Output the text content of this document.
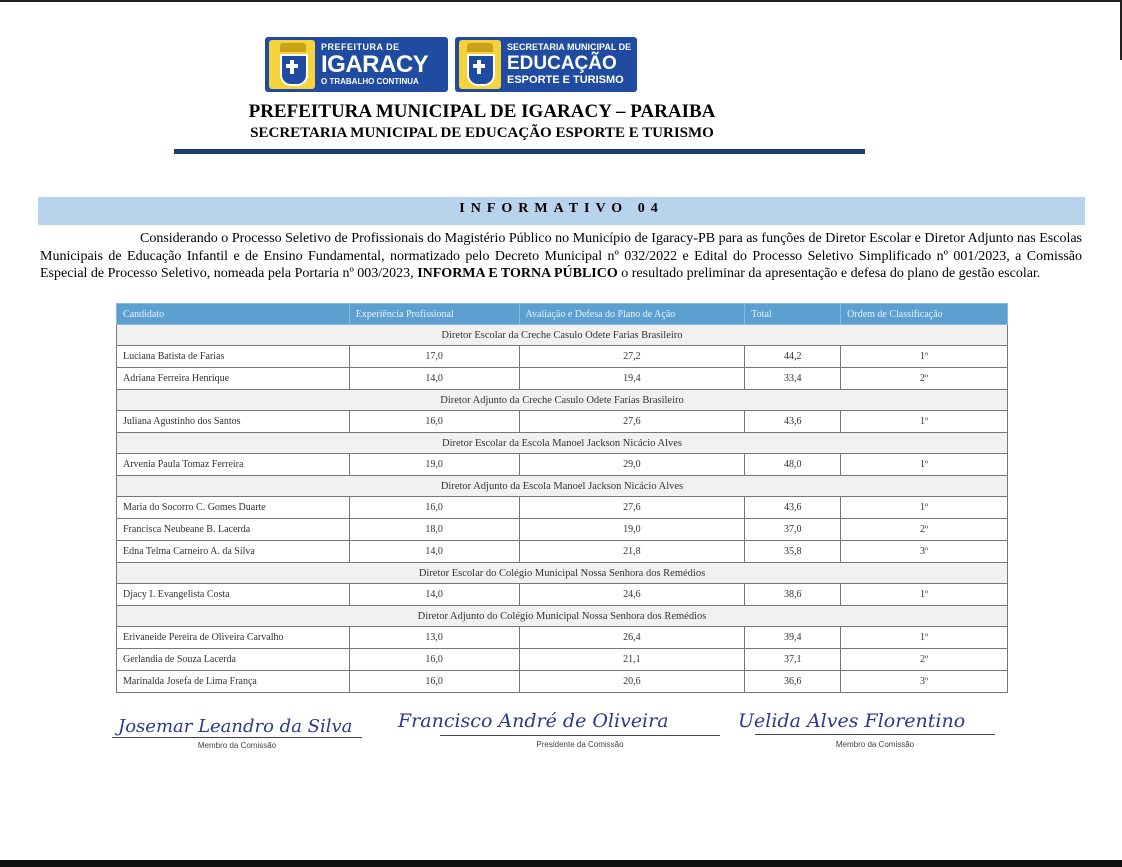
PREFEITURA DE
IGARACY
O TRABALHO CONTINUA
SECRETARIA MUNICIPAL DE
EDUCAÇÃO
ESPORTE E TURISMO
PREFEITURA MUNICIPAL DE IGARACY – PARAIBA
SECRETARIA MUNICIPAL DE EDUCAÇÃO ESPORTE E TURISMO
INFORMATIVO 04
Considerando o Processo Seletivo de Profissionais do Magistério Público no Município de Igaracy-PB para as funções de Diretor Escolar e Diretor Adjunto nas Escolas Municipais de Educação Infantil e de Ensino Fundamental, normatizado pelo Decreto Municipal nº 032/2022 e Edital do Processo Seletivo Simplificado nº 001/2023, a Comissão Especial de Processo Seletivo, nomeada pela Portaria nº 003/2023, INFORMA E TORNA PÚBLICO o resultado preliminar da apresentação e defesa do plano de gestão escolar.
Candidato	Experiência Profissional	Avaliação e Defesa do Plano de Ação	Total	Ordem de Classificação
Diretor Escolar da Creche Casulo Odete Farias Brasileiro				
Luciana Batista de Farias	17,0	27,2	44,2	1º
Adriana Ferreira Henrique	14,0	19,4	33,4	2º
Diretor Adjunto da Creche Casulo Odete Farias Brasileiro				
Juliana Agustinho dos Santos	16,0	27,6	43,6	1º
Diretor Escolar da Escola Manoel Jackson Nicácio Alves				
Arvenia Paula Tomaz Ferreira	19,0	29,0	48,0	1º
Diretor Adjunto da Escola Manoel Jackson Nicácio Alves				
Maria do Socorro C. Gomes Duarte	16,0	27,6	43,6	1º
Francisca Neubeane B. Lacerda	18,0	19,0	37,0	2º
Edna Telma Carneiro A. da Silva	14,0	21,8	35,8	3º
Diretor Escolar do Colégio Municipal Nossa Senhora dos Remédios				
Djacy I. Evangelista Costa	14,0	24,6	38,6	1º
Diretor Adjunto do Colégio Municipal Nossa Senhora dos Remédios				
Erivaneide Pereira de Oliveira Carvalho	13,0	26,4	39,4	1º
Gerlandia de Souza Lacerda	16,0	21,1	37,1	2º
Marinalda Josefa de Lima França	16,0	20,6	36,6	3º
Josemar Leandro da Silva
Membro da Comissão
Francisco André de Oliveira
Presidente da Comissão
Uelida Alves Florentino
Membro da Comissão
